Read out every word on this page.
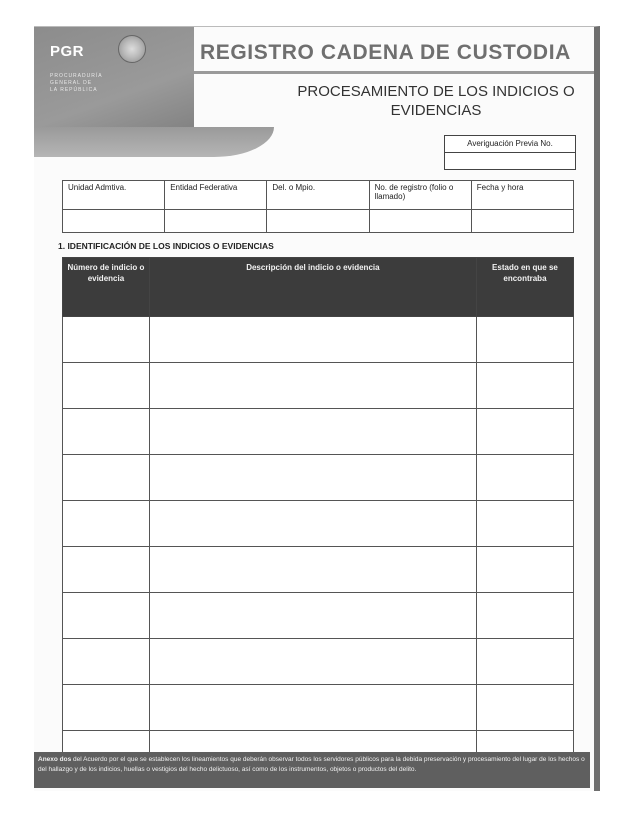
PGR
PROCURADURÍA
GENERAL DE
LA REPÚBLICA
REGISTRO CADENA DE CUSTODIA
PROCESAMIENTO DE LOS INDICIOS O EVIDENCIAS
Averiguación Previa No.
Unidad Admtiva.	Entidad Federativa	Del. o Mpio.	No. de registro (folio o llamado)	Fecha y hora

1. IDENTIFICACIÓN DE LOS INDICIOS O EVIDENCIAS
Número de indicio o evidencia	Descripción del indicio o evidencia	Estado en que se encontraba

Anexo dos del Acuerdo por el que se establecen los lineamientos que deberán observar todos los servidores públicos para la debida preservación y procesamiento del lugar de los hechos o del hallazgo y de los indicios, huellas o vestigios del hecho delictuoso, así como de los instrumentos, objetos o productos del delito.
